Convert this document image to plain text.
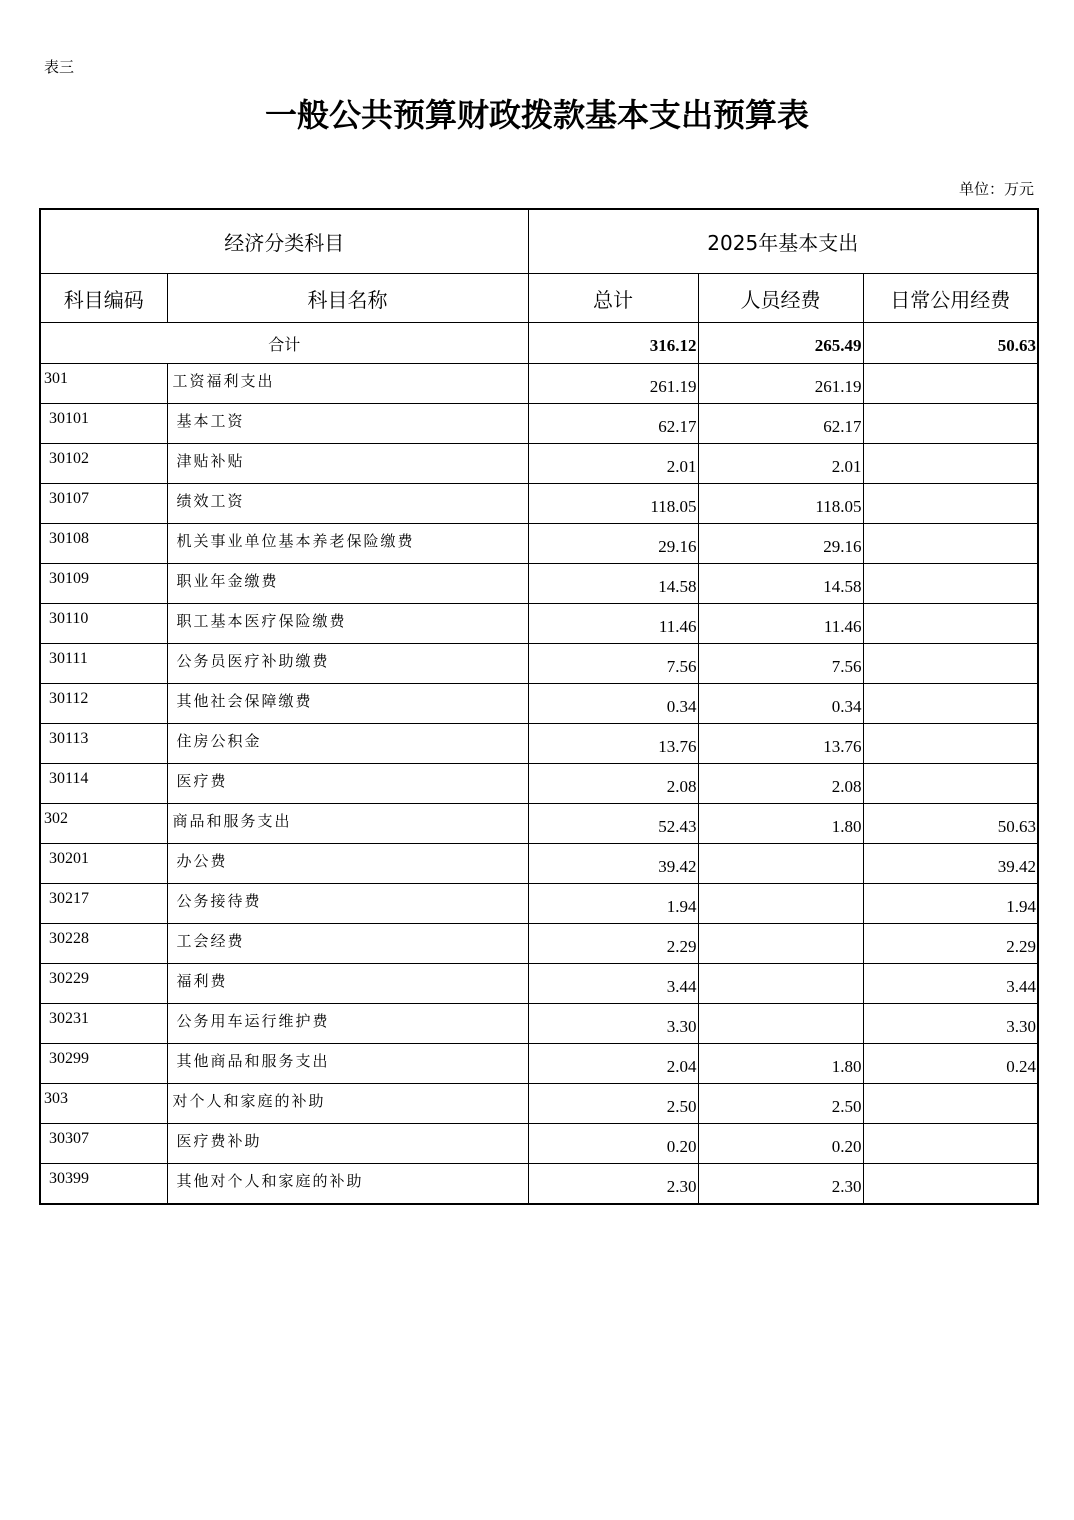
表三
一般公共预算财政拨款基本支出预算表
单位：万元
经济分类科目		2025年基本支出		
科目编码	科目名称	总计	人员经费	日常公用经费
合计		316.12	265.49	50.63
301	工资福利支出	261.19	261.19	
30101	基本工资	62.17	62.17	
30102	津贴补贴	2.01	2.01	
30107	绩效工资	118.05	118.05	
30108	机关事业单位基本养老保险缴费	29.16	29.16	
30109	职业年金缴费	14.58	14.58	
30110	职工基本医疗保险缴费	11.46	11.46	
30111	公务员医疗补助缴费	7.56	7.56	
30112	其他社会保障缴费	0.34	0.34	
30113	住房公积金	13.76	13.76	
30114	医疗费	2.08	2.08	
302	商品和服务支出	52.43	1.80	50.63
30201	办公费	39.42		39.42
30217	公务接待费	1.94		1.94
30228	工会经费	2.29		2.29
30229	福利费	3.44		3.44
30231	公务用车运行维护费	3.30		3.30
30299	其他商品和服务支出	2.04	1.80	0.24
303	对个人和家庭的补助	2.50	2.50	
30307	医疗费补助	0.20	0.20	
30399	其他对个人和家庭的补助	2.30	2.30	
